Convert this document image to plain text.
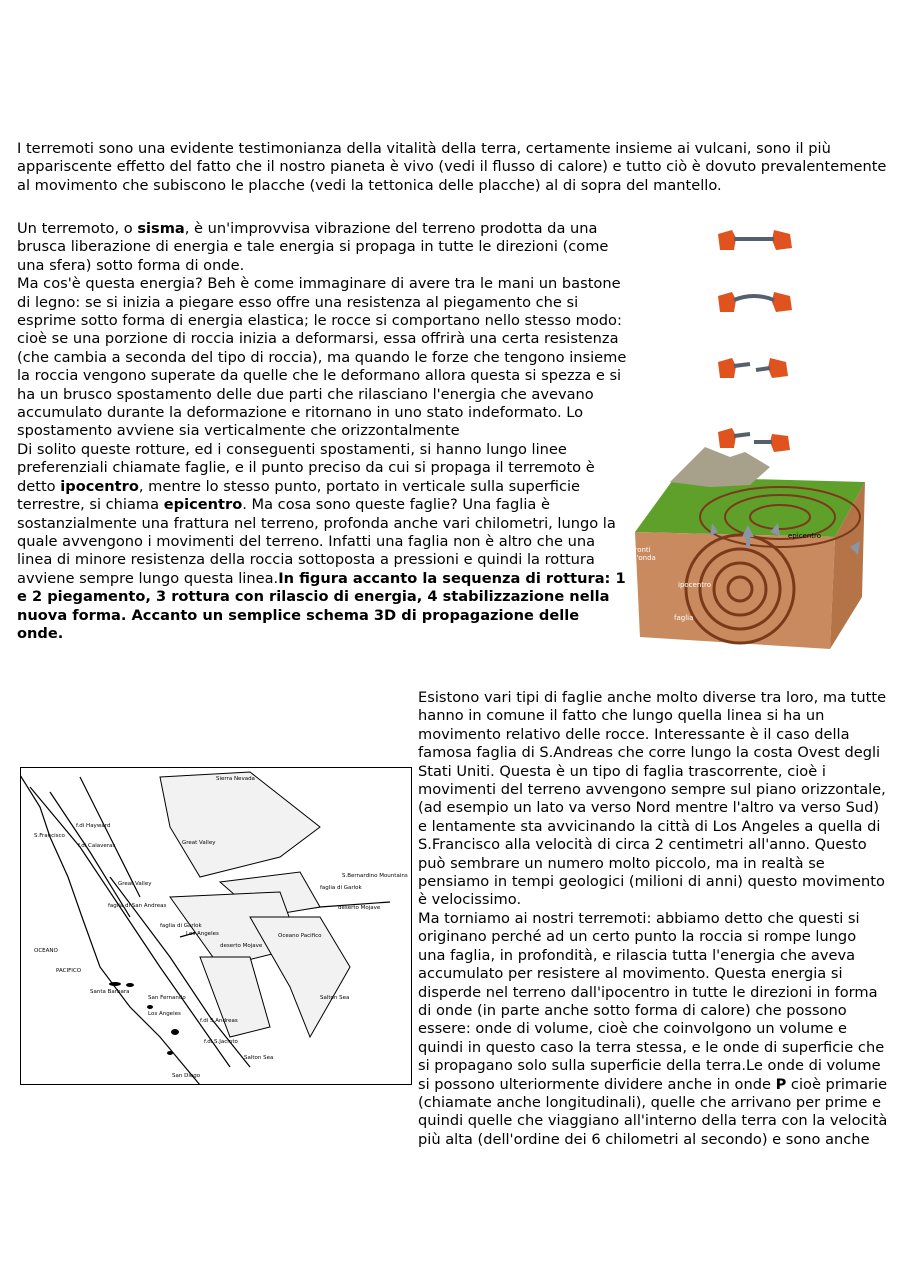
I terremoti sono una evidente testimonianza della vitalità della terra, certamente insieme ai vulcani, sono il più appariscente effetto del fatto che il nostro pianeta è vivo (vedi il flusso di calore) e tutto ciò è dovuto prevalentemente al movimento che subiscono le placche (vedi la tettonica delle placche) al di sopra del mantello.
Un terremoto, o sisma, è un'improvvisa vibrazione del terreno prodotta da una brusca liberazione di energia e tale energia si propaga in tutte le direzioni (come una sfera) sotto forma di onde.
Ma cos'è questa energia? Beh è come immaginare di avere tra le mani un bastone di legno: se si inizia a piegare esso offre una resistenza al piegamento che si esprime sotto forma di energia elastica; le rocce si comportano nello stesso modo: cioè se una porzione di roccia inizia a deformarsi, essa offrirà una certa resistenza (che cambia a seconda del tipo di roccia), ma quando le forze che tengono insieme la roccia vengono superate da quelle che le deformano allora questa si spezza e si ha un brusco spostamento delle due parti che rilasciano l'energia che avevano accumulato durante la deformazione e ritornano in uno stato indeformato. Lo spostamento avviene sia verticalmente che orizzontalmente
Di solito queste rotture, ed i conseguenti spostamenti, si hanno lungo linee preferenziali chiamate faglie, e il punto preciso da cui si propaga il terremoto è detto ipocentro, mentre lo stesso punto, portato in verticale sulla superficie terrestre, si chiama epicentro. Ma cosa sono queste faglie? Una faglia è sostanzialmente una frattura nel terreno, profonda anche vari chilometri, lungo la quale avvengono i movimenti del terreno. Infatti una faglia non è altro che una linea di minore resistenza della roccia sottoposta a pressioni e quindi la rottura avviene sempre lungo questa linea.In figura accanto la sequenza di rottura: 1 e 2 piegamento, 3 rottura con rilascio di energia, 4 stabilizzazione nella nuova forma. Accanto un semplice schema 3D di propagazione delle onde.
epicentro
fronti
d'onda
ipocentro
faglia
Sierra Nevada
Great Valley
S.Bernardino Mountains
faglia di Garlok
deserto Mojave
Los Angeles	Oceano Pacifico
deserto Mojave
Salton Sea
f.di Hayward
S.Francisco
f.di Calaveras
Great Valley
faglia di San Andreas
faglia di Garlok
OCEANO
PACIFICO
Santa Barbara
San Fernando
Los Angeles
f.di S.Andreas
f.di S.Jacinto
Salton Sea
San Diego
Esistono vari tipi di faglie anche molto diverse tra loro, ma tutte hanno in comune il fatto che lungo quella linea si ha un movimento relativo delle rocce. Interessante è il caso della famosa faglia di S.Andreas che corre lungo la costa Ovest degli Stati Uniti. Questa è un tipo di faglia trascorrente, cioè i movimenti del terreno avvengono sempre sul piano orizzontale, (ad esempio un lato va verso Nord mentre l'altro va verso Sud) e lentamente sta avvicinando la città di Los Angeles a quella di S.Francisco alla velocità di circa 2 centimetri all'anno. Questo può sembrare un numero molto piccolo, ma in realtà se pensiamo in tempi geologici (milioni di anni) questo movimento è velocissimo.
Ma torniamo ai nostri terremoti: abbiamo detto che questi si originano perché ad un certo punto la roccia si rompe lungo una faglia, in profondità, e rilascia tutta l'energia che aveva accumulato per resistere al movimento. Questa energia si disperde nel terreno dall'ipocentro in tutte le direzioni in forma di onde (in parte anche sotto forma di calore) che possono essere: onde di volume, cioè che coinvolgono un volume e quindi in questo caso la terra stessa, e le onde di superficie che si propagano solo sulla superficie della terra.Le onde di volume si possono ulteriormente dividere anche in onde P cioè primarie (chiamate anche longitudinali), quelle che arrivano per prime e quindi quelle che viaggiano all'interno della terra con la velocità più alta (dell'ordine dei 6 chilometri al secondo) e sono anche
